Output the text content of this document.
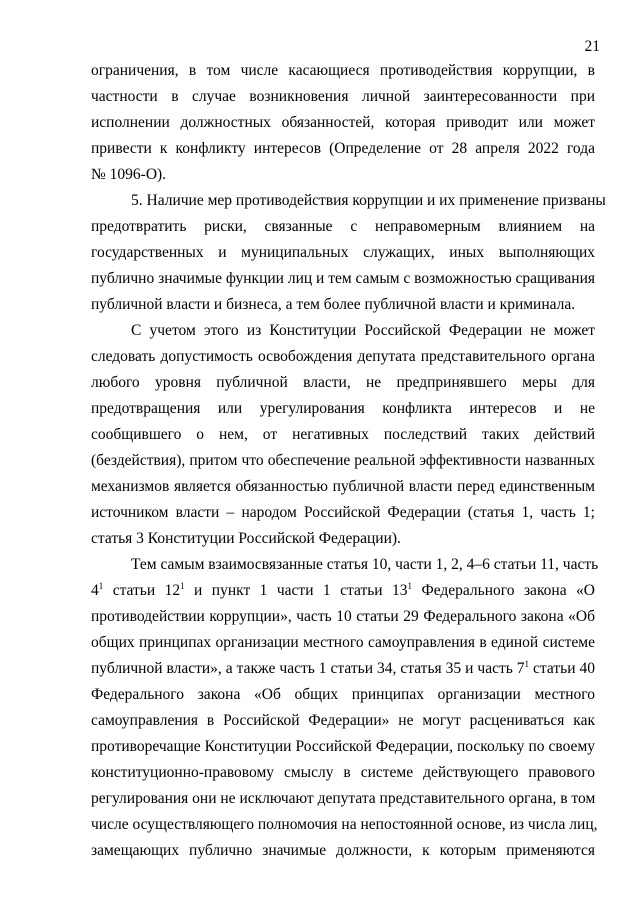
21
ограничения, в том числе касающиеся противодействия коррупции, в
частности в случае возникновения личной заинтересованности при
исполнении должностных обязанностей, которая приводит или может
привести к конфликту интересов (Определение от 28 апреля 2022 года
№ 1096-О).
5. Наличие мер противодействия коррупции и их применение призваны
предотвратить риски, связанные с неправомерным влиянием на
государственных и муниципальных служащих, иных выполняющих
публично значимые функции лиц и тем самым с возможностью сращивания
публичной власти и бизнеса, а тем более публичной власти и криминала.
С учетом этого из Конституции Российской Федерации не может
следовать допустимость освобождения депутата представительного органа
любого уровня публичной власти, не предпринявшего меры для
предотвращения или урегулирования конфликта интересов и не
сообщившего о нем, от негативных последствий таких действий
(бездействия), притом что обеспечение реальной эффективности названных
механизмов является обязанностью публичной власти перед единственным
источником власти – народом Российской Федерации (статья 1, часть 1;
статья 3 Конституции Российской Федерации).
Тем самым взаимосвязанные статья 10, части 1, 2, 4–6 статьи 11, часть
$4^1$ статьи $12^1$ и пункт 1 части 1 статьи $13^1$ Федерального закона «О
противодействии коррупции», часть 10 статьи 29 Федерального закона «Об
общих принципах организации местного самоуправления в единой системе
публичной власти», а также часть 1 статьи 34, статья 35 и часть $7^1$ статьи 40
Федерального закона «Об общих принципах организации местного
самоуправления в Российской Федерации» не могут расцениваться как
противоречащие Конституции Российской Федерации, поскольку по своему
конституционно-правовому смыслу в системе действующего правового
регулирования они не исключают депутата представительного органа, в том
числе осуществляющего полномочия на непостоянной основе, из числа лиц,
замещающих публично значимые должности, к которым применяются
